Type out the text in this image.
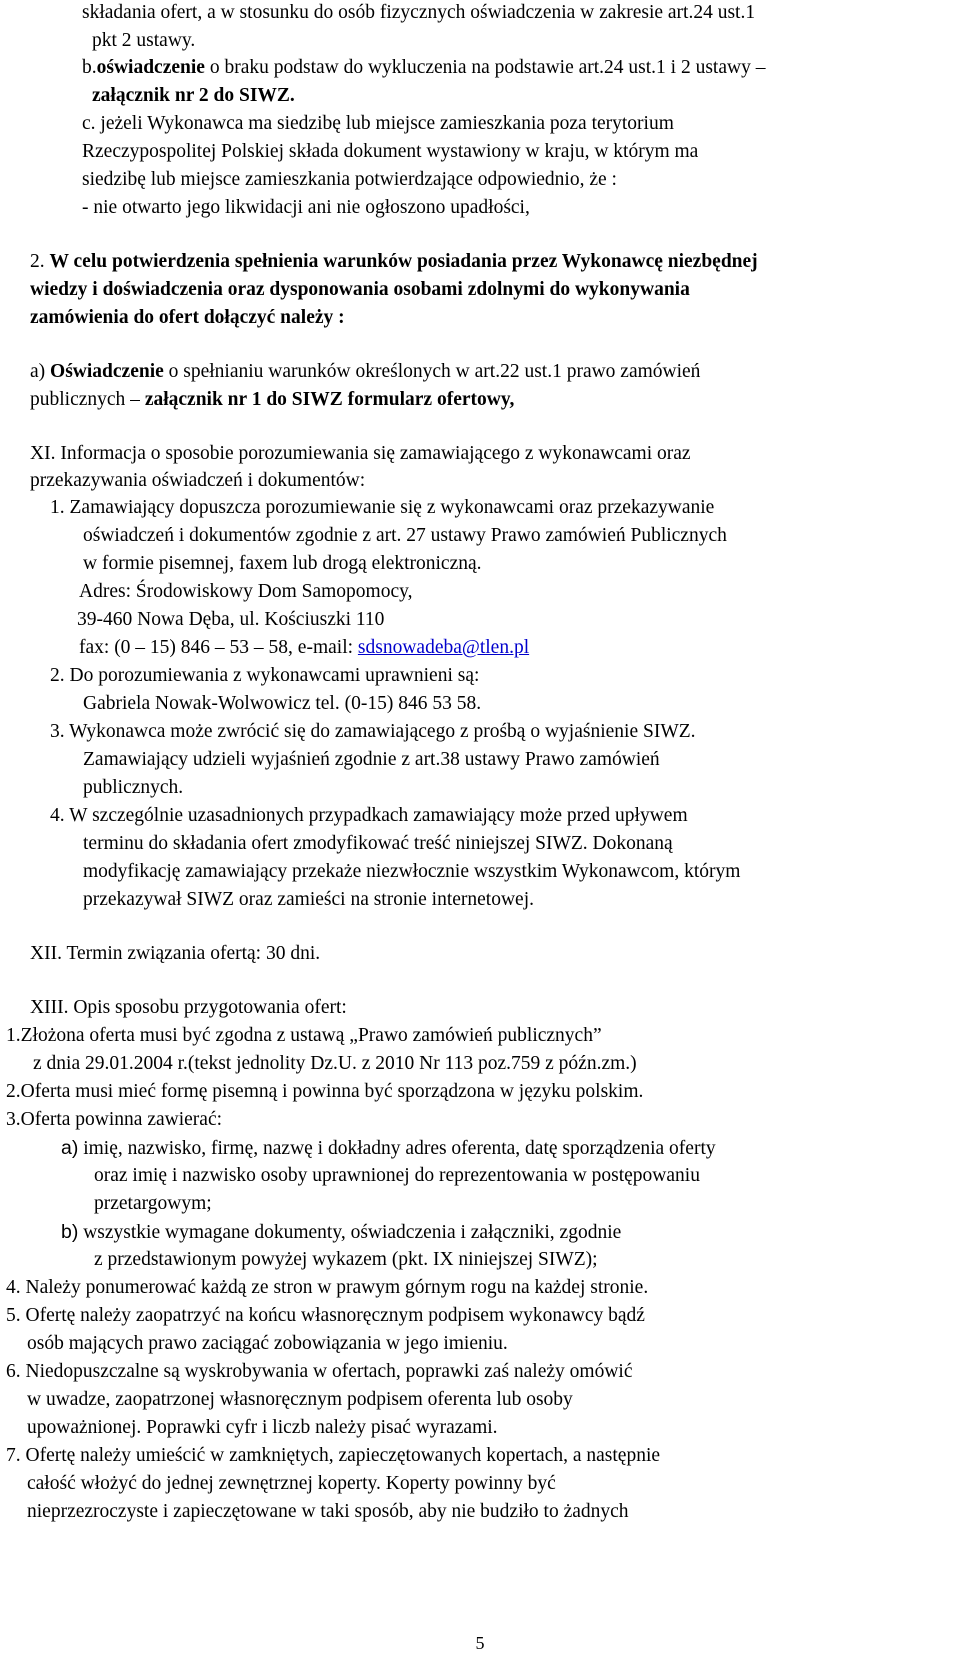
składania ofert, a w stosunku do osób fizycznych oświadczenia w zakresie art.24 ust.1
pkt 2 ustawy.
b.oświadczenie o braku podstaw do wykluczenia na podstawie art.24 ust.1 i 2 ustawy –
załącznik nr 2 do SIWZ.
c. jeżeli Wykonawca ma siedzibę lub miejsce zamieszkania poza terytorium
Rzeczypospolitej Polskiej składa dokument wystawiony w kraju, w którym ma
siedzibę lub miejsce zamieszkania potwierdzające odpowiednio, że :
- nie otwarto jego likwidacji ani nie ogłoszono upadłości,
2. W celu potwierdzenia spełnienia warunków posiadania przez Wykonawcę niezbędnej
wiedzy i doświadczenia oraz dysponowania osobami zdolnymi do wykonywania
zamówienia do ofert dołączyć należy :
a) Oświadczenie o spełnianiu warunków określonych w art.22 ust.1 prawo zamówień
publicznych – załącznik nr 1 do SIWZ formularz ofertowy,
XI. Informacja o sposobie porozumiewania się zamawiającego z wykonawcami oraz
przekazywania oświadczeń i dokumentów:
1. Zamawiający dopuszcza porozumiewanie się z wykonawcami oraz przekazywanie
oświadczeń i dokumentów zgodnie z art. 27 ustawy Prawo zamówień Publicznych
w formie pisemnej, faxem lub drogą elektroniczną.
Adres: Środowiskowy Dom Samopomocy,
39-460 Nowa Dęba, ul. Kościuszki 110
fax: (0 – 15) 846 – 53 – 58, e-mail: sdsnowadeba@tlen.pl
2. Do porozumiewania z wykonawcami uprawnieni są:
Gabriela Nowak-Wolwowicz tel. (0-15) 846 53 58.
3. Wykonawca może zwrócić się do zamawiającego z prośbą o wyjaśnienie SIWZ.
Zamawiający udzieli wyjaśnień zgodnie z art.38 ustawy Prawo zamówień
publicznych.
4. W szczególnie uzasadnionych przypadkach zamawiający może przed upływem
terminu do składania ofert zmodyfikować treść niniejszej SIWZ. Dokonaną
modyfikację zamawiający przekaże niezwłocznie wszystkim Wykonawcom, którym
przekazywał SIWZ oraz zamieści na stronie internetowej.
XII. Termin związania ofertą: 30 dni.
XIII. Opis sposobu przygotowania ofert:
1.Złożona oferta musi być zgodna z ustawą „Prawo zamówień publicznych”
z dnia 29.01.2004 r.(tekst jednolity Dz.U. z 2010 Nr 113 poz.759 z późn.zm.)
2.Oferta musi mieć formę pisemną i powinna być sporządzona w języku polskim.
3.Oferta powinna zawierać:
a) imię, nazwisko, firmę, nazwę i dokładny adres oferenta, datę sporządzenia oferty
oraz imię i nazwisko osoby uprawnionej do reprezentowania w postępowaniu
przetargowym;
b) wszystkie wymagane dokumenty, oświadczenia i załączniki, zgodnie
z przedstawionym powyżej wykazem (pkt. IX niniejszej SIWZ);
4. Należy ponumerować każdą ze stron w prawym górnym rogu na każdej stronie.
5. Ofertę należy zaopatrzyć na końcu własnoręcznym podpisem wykonawcy bądź
osób mających prawo zaciągać zobowiązania w jego imieniu.
6. Niedopuszczalne są wyskrobywania w ofertach, poprawki zaś należy omówić
w uwadze, zaopatrzonej własnoręcznym podpisem oferenta lub osoby
upoważnionej. Poprawki cyfr i liczb należy pisać wyrazami.
7. Ofertę należy umieścić w zamkniętych, zapieczętowanych kopertach, a następnie
całość włożyć do jednej zewnętrznej koperty. Koperty powinny być
nieprzezroczyste i zapieczętowane w taki sposób, aby nie budziło to żadnych
5
